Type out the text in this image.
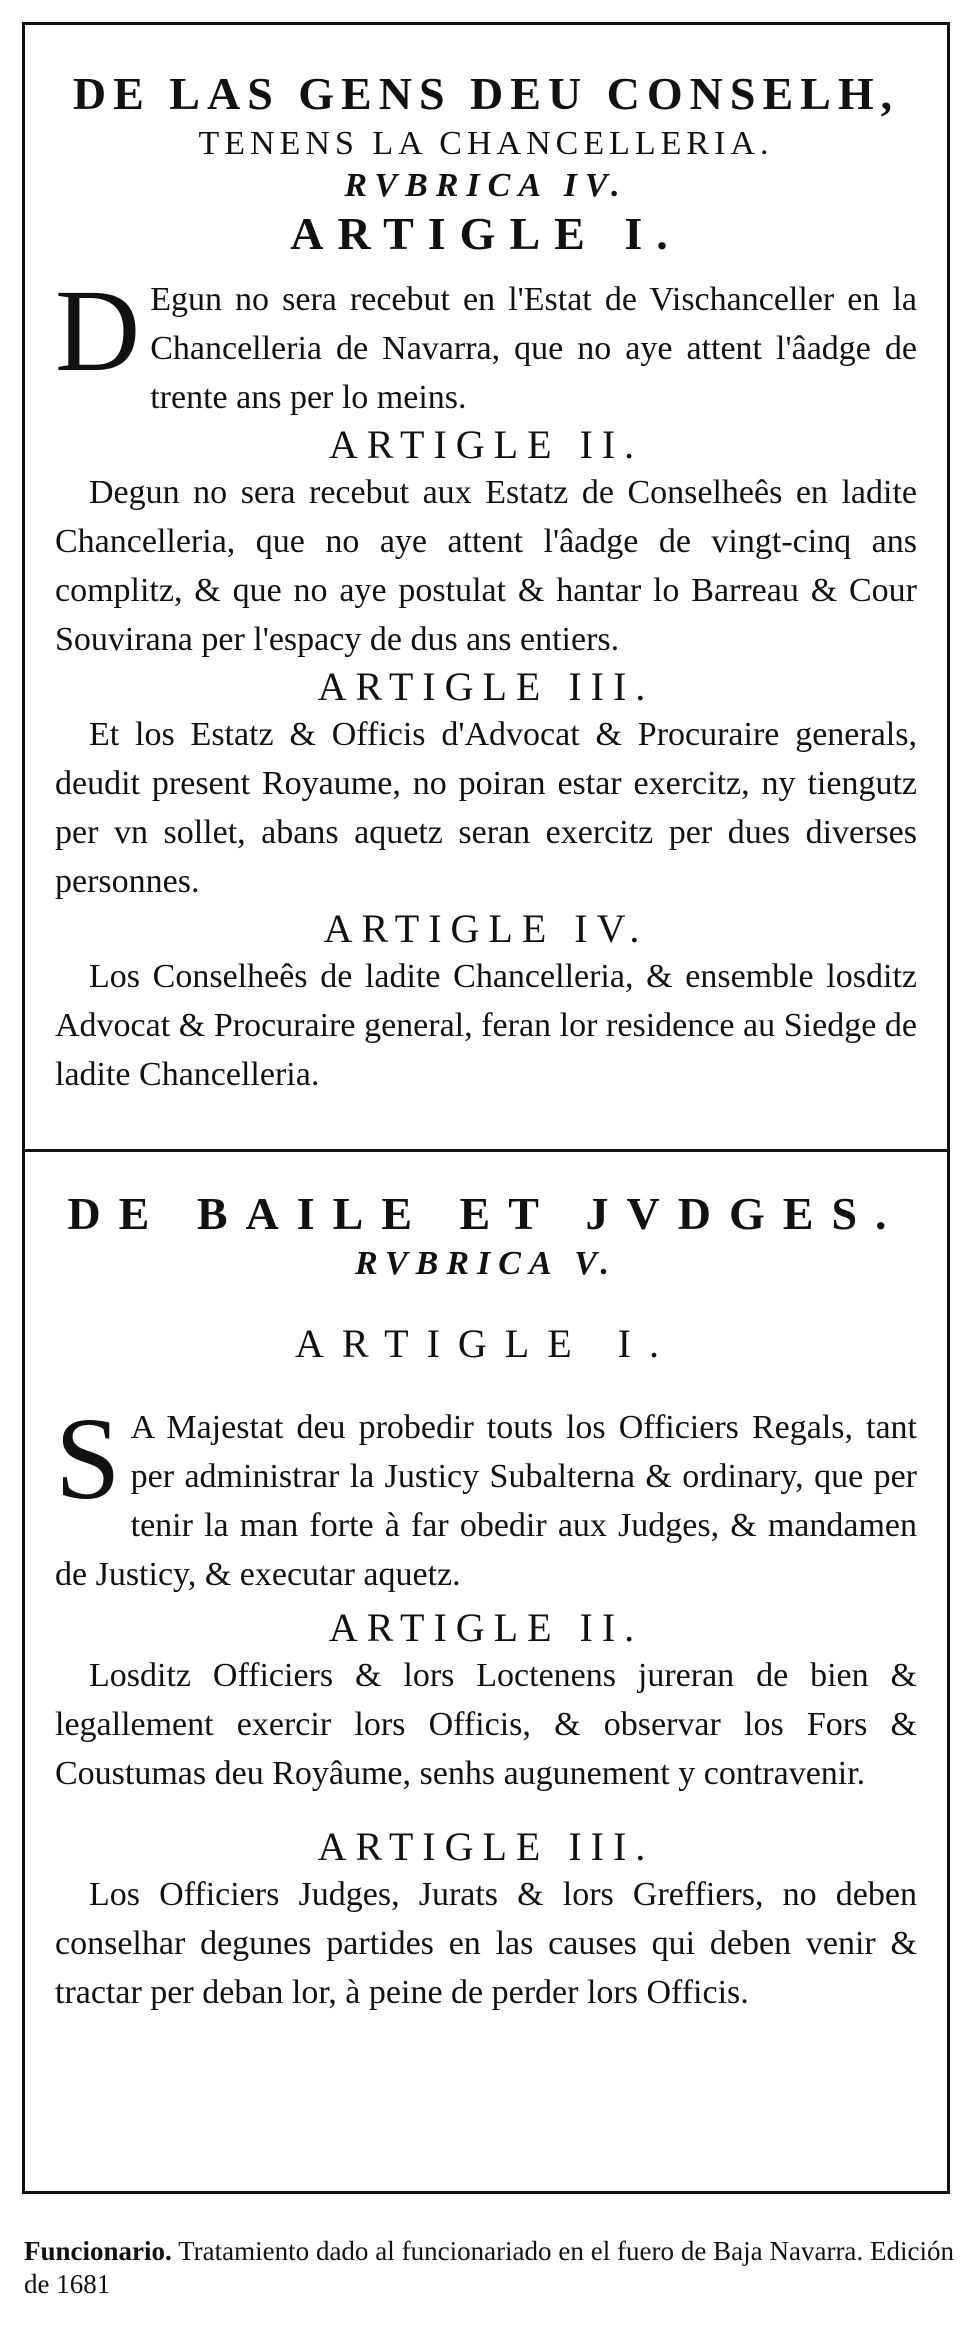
DE LAS GENS DEU CONSELH,

TENENS LA CHANCELLERIA.

RVBRICA IV.

ARTIGLE I.

D Egun no sera recebut en l'Estat de Vischanceller en la Chancelleria de Navarra, que no aye attent l'âadge de trente ans per lo meins.

ARTIGLE II.

Degun no sera recebut aux Estatz de Conselheês en ladite Chancelleria, que no aye attent l'âadge de vingt-cinq ans complitz, & que no aye postulat & hantar lo Barreau & Cour Souvirana per l'espacy de dus ans entiers.

ARTIGLE III.

Et los Estatz & Officis d'Advocat & Procuraire generals, deudit present Royaume, no poiran estar exercitz, ny tiengutz per vn sollet, abans aquetz seran exercitz per dues diverses personnes.

ARTIGLE IV.

Los Conselheês de ladite Chancelleria, & ensemble losditz Advocat & Procuraire general, feran lor residence au Siedge de ladite Chancelleria.

DE BAILE ET JVDGES.

RVBRICA V.

ARTIGLE I.

S A Majestat deu probedir touts los Officiers Regals, tant per administrar la Justicy Subalterna & ordinary, que per tenir la man forte à far obedir aux Judges, & mandamen de Justicy, & executar aquetz.

ARTIGLE II.

Losditz Officiers & lors Loctenens jureran de bien & legallement exercir lors Officis, & observar los Fors & Coustumas deu Royâume, senhs augunement y contravenir.

ARTIGLE III.

Los Officiers Judges, Jurats & lors Greffiers, no deben conselhar degunes partides en las causes qui deben venir & tractar per deban lor, à peine de perder lors Officis.

Funcionario. Tratamiento dado al funcionariado en el fuero de Baja Navarra. Edición de 1681
